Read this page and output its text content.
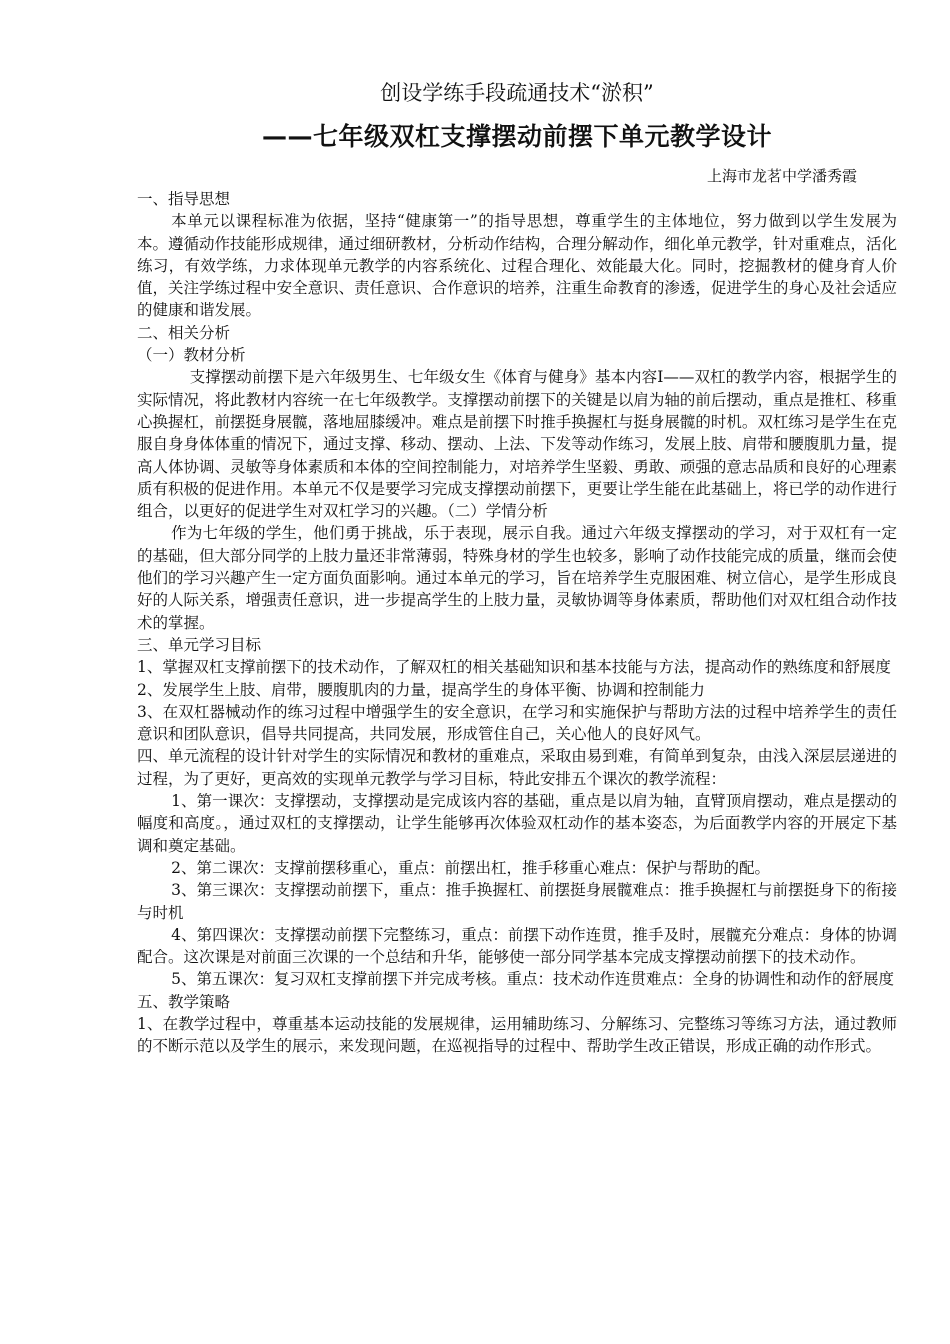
创设学练手段疏通技术“淤积”
——七年级双杠支撑摆动前摆下单元教学设计
上海市龙茗中学潘秀霞
一、指导思想

本单元以课程标准为依据，坚持“健康第一”的指导思想，尊重学生的主体地位，努力做到以学生发展为本。遵循动作技能形成规律，通过细研教材，分析动作结构，合理分解动作，细化单元教学，针对重难点，活化练习，有效学练，力求体现单元教学的内容系统化、过程合理化、效能最大化。同时，挖掘教材的健身育人价值，关注学练过程中安全意识、责任意识、合作意识的培养，注重生命教育的渗透，促进学生的身心及社会适应的健康和谐发展。

二、相关分析
（一）教材分析

支撑摆动前摆下是六年级男生、七年级女生《体育与健身》基本内容Ⅰ——双杠的教学内容，根据学生的实际情况，将此教材内容统一在七年级教学。支撑摆动前摆下的关键是以肩为轴的前后摆动，重点是推杠、移重心换握杠，前摆挺身展髋，落地屈膝缓冲。难点是前摆下时推手换握杠与挺身展髋的时机。双杠练习是学生在克服自身身体体重的情况下，通过支撑、移动、摆动、上法、下发等动作练习，发展上肢、肩带和腰腹肌力量，提高人体协调、灵敏等身体素质和本体的空间控制能力，对培养学生坚毅、勇敢、顽强的意志品质和良好的心理素质有积极的促进作用。本单元不仅是要学习完成支撑摆动前摆下，更要让学生能在此基础上，将已学的动作进行组合，以更好的促进学生对双杠学习的兴趣。（二）学情分析

作为七年级的学生，他们勇于挑战，乐于表现，展示自我。通过六年级支撑摆动的学习，对于双杠有一定的基础，但大部分同学的上肢力量还非常薄弱，特殊身材的学生也较多，影响了动作技能完成的质量，继而会使他们的学习兴趣产生一定方面负面影响。通过本单元的学习，旨在培养学生克服困难、树立信心，是学生形成良好的人际关系，增强责任意识，进一步提高学生的上肢力量，灵敏协调等身体素质，帮助他们对双杠组合动作技术的掌握。

三、单元学习目标

1、掌握双杠支撑前摆下的技术动作，了解双杠的相关基础知识和基本技能与方法，提高动作的熟练度和舒展度

2、发展学生上肢、肩带，腰腹肌肉的力量，提高学生的身体平衡、协调和控制能力

3、在双杠器械动作的练习过程中增强学生的安全意识，在学习和实施保护与帮助方法的过程中培养学生的责任意识和团队意识，倡导共同提高，共同发展，形成管住自己，关心他人的良好风气。

四、单元流程的设计针对学生的实际情况和教材的重难点，采取由易到难，有简单到复杂，由浅入深层层递进的过程，为了更好，更高效的实现单元教学与学习目标，特此安排五个课次的教学流程：

1、第一课次：支撑摆动，支撑摆动是完成该内容的基础，重点是以肩为轴，直臂顶肩摆动，难点是摆动的幅度和高度。，通过双杠的支撑摆动，让学生能够再次体验双杠动作的基本姿态，为后面教学内容的开展定下基调和奠定基础。

2、第二课次：支撑前摆移重心，重点：前摆出杠，推手移重心难点：保护与帮助的配。

3、第三课次：支撑摆动前摆下，重点：推手换握杠、前摆挺身展髋难点：推手换握杠与前摆挺身下的衔接与时机

4、第四课次：支撑摆动前摆下完整练习，重点：前摆下动作连贯，推手及时，展髋充分难点：身体的协调配合。这次课是对前面三次课的一个总结和升华，能够使一部分同学基本完成支撑摆动前摆下的技术动作。

5、第五课次：复习双杠支撑前摆下并完成考核。重点：技术动作连贯难点：全身的协调性和动作的舒展度

五、教学策略

1、在教学过程中，尊重基本运动技能的发展规律，运用辅助练习、分解练习、完整练习等练习方法，通过教师的不断示范以及学生的展示，来发现问题，在巡视指导的过程中、帮助学生改正错误，形成正确的动作形式。
